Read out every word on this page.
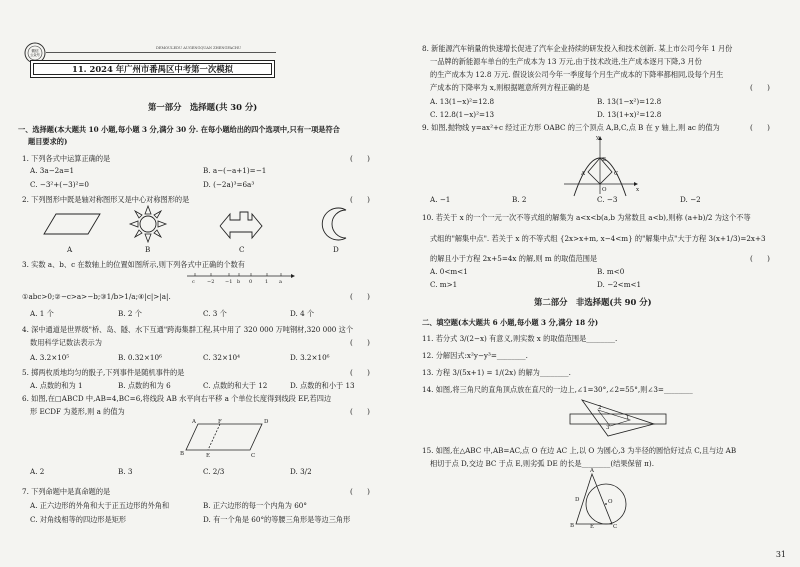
微信
公众号
DEMOULEDU AUGENGQUAN ZHENGFACHU
11. 2024 年广州市番禺区中考第一次模拟
第一部分　选择题(共 30 分)
一、选择题(本大题共 10 小题,每小题 3 分,满分 30 分. 在每小题给出的四个选项中,只有一项是符合
题目要求的)
1. 下列各式中运算正确的是	(　　)
A. 3a−2a=1	B. a−(−a+1)=−1
C. −3²+(−3)²=0	D. (−2a)³=6a³
2. 下列图形中既是轴对称图形又是中心对称图形的是	(　　)
A	B	C	D
3. 实数 a、b、c 在数轴上的位置如图所示,则下列各式中正确的个数有
c −2 −1 b 0	1 a
①abc>0;②−c>a>−b;③1/b>1/a;④|c|>|a|.	(　　)
A. 1 个	B. 2 个	C. 3 个	D. 4 个
4. 深中通道是世界级"桥、岛、隧、水下互通"跨海集群工程,其中用了 320 000 万吨钢材,320 000 这个
数用科学记数法表示为	(　　)
A. 3.2×10⁵	B. 0.32×10⁶	C. 32×10⁴	D. 3.2×10⁶
5. 掷两枚质地均匀的骰子,下列事件是随机事件的是	(　　)
A. 点数的和为 1	B. 点数的和为 6	C. 点数的和大于 12	D. 点数的和小于 13
6. 如图,在□ABCD 中,AB=4,BC=6,将线段 AB 水平向右平移 a 个单位长度得到线段 EF,若四边
形 ECDF 为菱形,则 a 的值为	(　　)
A	F	D
B	E	C
A. 2	B. 3	C. 2/3	D. 3/2
7. 下列命题中是真命题的是	(　　)
A. 正六边形的外角和大于正五边形的外角和	B. 正六边形的每一个内角为 60°
C. 对角线相等的四边形是矩形	D. 有一个角是 60°的等腰三角形是等边三角形
8. 新能源汽车销量的快速增长促进了汽车企业持续的研发投入和技术创新. 某上市公司今年 1 月份
一品牌的新能源车单台的生产成本为 13 万元,由于技术改进,生产成本逐月下降,3 月份
的生产成本为 12.8 万元. 假设该公司今年一季度每个月生产成本的下降率都相同,设每个月生
产成本的下降率为 x,则根据题意所列方程正确的是	(　　)
A. 13(1−x)²=12.8	B. 13(1−x²)=12.8
C. 12.8(1−x)²=13	D. 13(1+x)²=12.8
9. 如图,抛物线 y=ax²+c 经过正方形 OABC 的三个顶点 A,B,C,点 B 在 y 轴上,则 ac 的值为	(　　)
y
A
B
C
O	x
A. −1	B. 2	C. −3	D. −2
10. 若关于 x 的一个一元一次不等式组的解集为 a<x<b(a,b 为常数且 a<b),则称 (a+b)/2 为这个不等
式组的"解集中点". 若关于 x 的不等式组 {2x>x+m, x−4<m} 的"解集中点"大于方程 3(x+1/3)=2x+3
的解且小于方程 2x+5=4x 的解,则 m 的取值范围是	(　　)
A. 0<m<1	B. m<0
C. m>1	D. −2<m<1
第二部分　非选择题(共 90 分)
二、填空题(本大题共 6 小题,每小题 3 分,满分 18 分)
11. 若分式 3/(2−x) 有意义,则实数 x 的取值范围是________.
12. 分解因式:x²y−y³=________.
13. 方程 3/(5x+1) = 1/(2x) 的解为________.
14. 如图,将三角尺的直角顶点放在直尺的一边上,∠1=30°,∠2=55°,则∠3=________
1
2
3
15. 如图,在△ABC 中,AB=AC,点 O 在边 AC 上,以 O 为圆心,3 为半径的圆恰好过点 C,且与边 AB
相切于点 D,交边 BC 于点 E,则劣弧 DE 的长是________(结果保留 π).
A
D	O
B	E	C
31
